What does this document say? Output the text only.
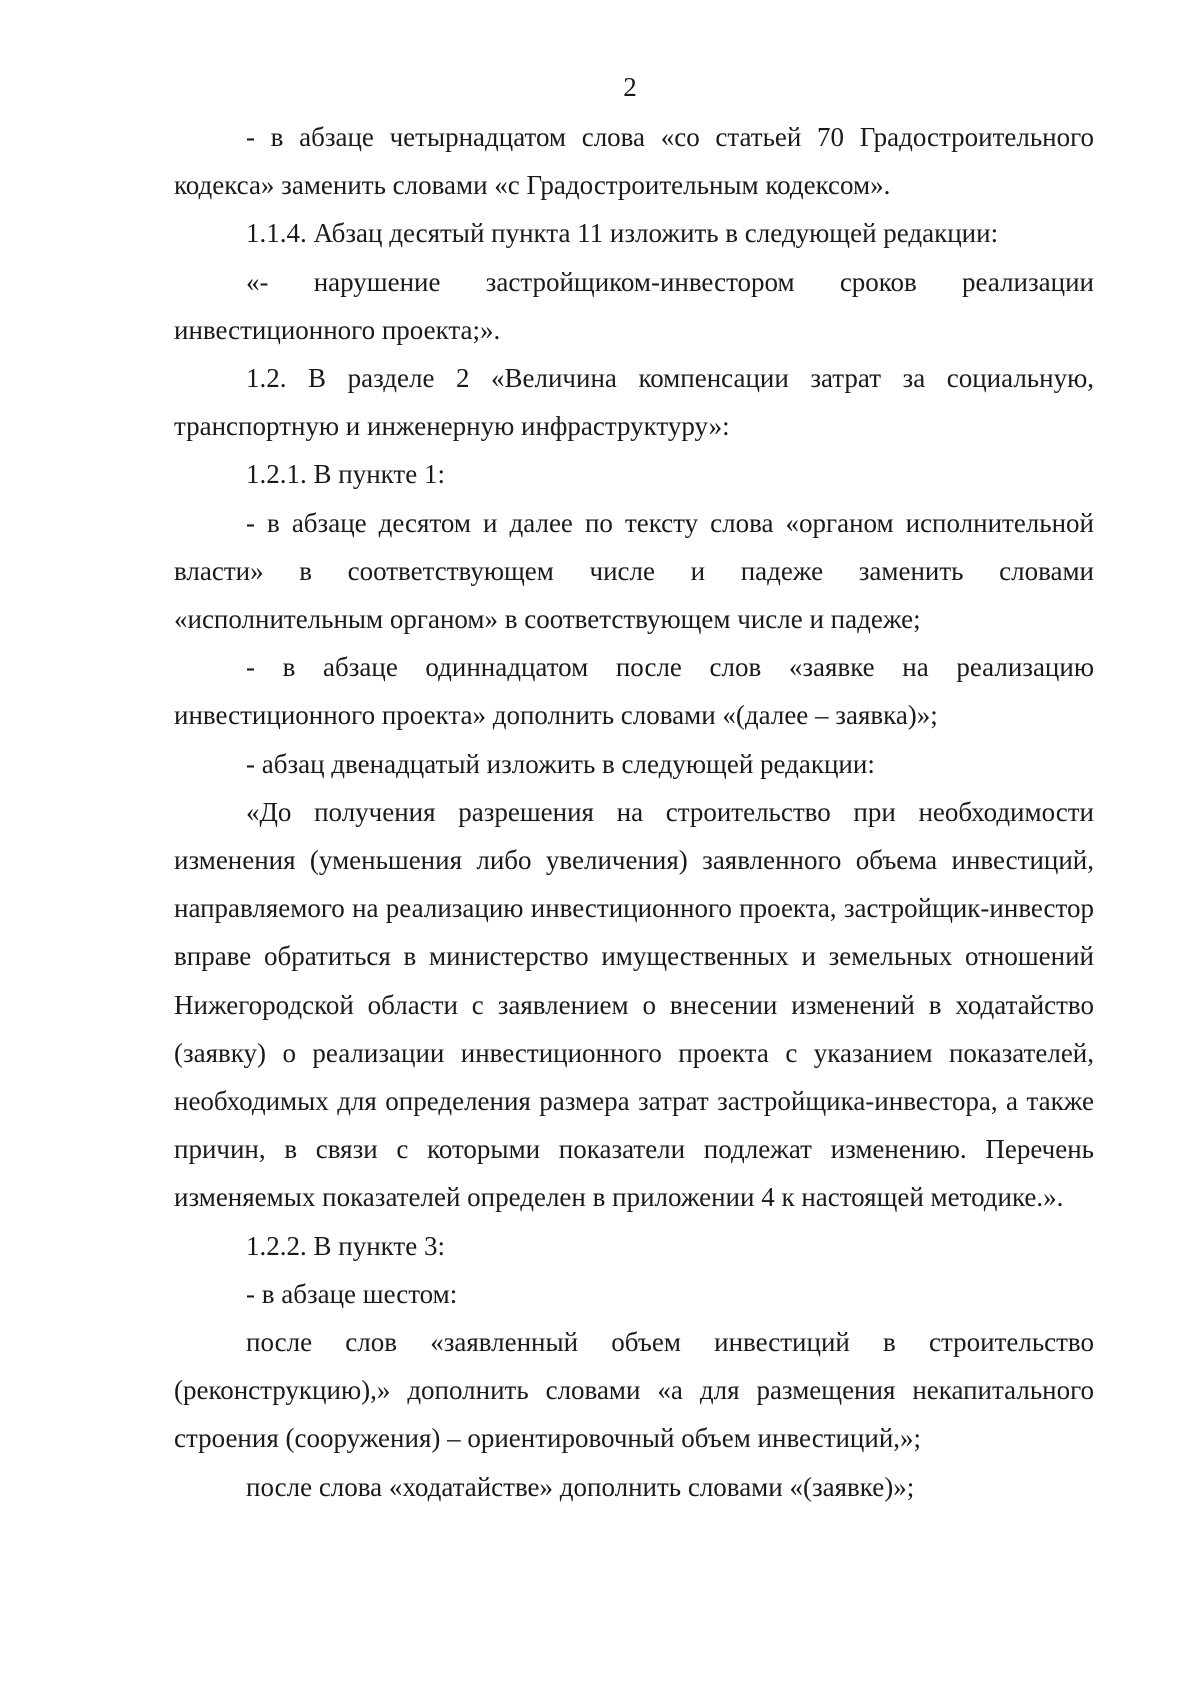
2

- в абзаце четырнадцатом слова «со статьей 70 Градостроительного кодекса» заменить словами «с Градостроительным кодексом».

1.1.4. Абзац десятый пункта 11 изложить в следующей редакции:

«- нарушение застройщиком-инвестором сроков реализации инвестиционного проекта;».

1.2. В разделе 2 «Величина компенсации затрат за социальную, транспортную и инженерную инфраструктуру»:

1.2.1. В пункте 1:

- в абзаце десятом и далее по тексту слова «органом исполнительной власти» в соответствующем числе и падеже заменить словами «исполнительным органом» в соответствующем числе и падеже;

- в абзаце одиннадцатом после слов «заявке на реализацию инвестиционного проекта» дополнить словами «(далее – заявка)»;

- абзац двенадцатый изложить в следующей редакции:

«До получения разрешения на строительство при необходимости изменения (уменьшения либо увеличения) заявленного объема инвестиций, направляемого на реализацию инвестиционного проекта, застройщик-инвестор вправе обратиться в министерство имущественных и земельных отношений Нижегородской области с заявлением о внесении изменений в ходатайство (заявку) о реализации инвестиционного проекта с указанием показателей, необходимых для определения размера затрат застройщика-инвестора, а также причин, в связи с которыми показатели подлежат изменению. Перечень изменяемых показателей определен в приложении 4 к настоящей методике.».

1.2.2. В пункте 3:

- в абзаце шестом:

после слов «заявленный объем инвестиций в строительство (реконструкцию),» дополнить словами «а для размещения некапитального строения (сооружения) – ориентировочный объем инвестиций,»;

после слова «ходатайстве» дополнить словами «(заявке)»;
